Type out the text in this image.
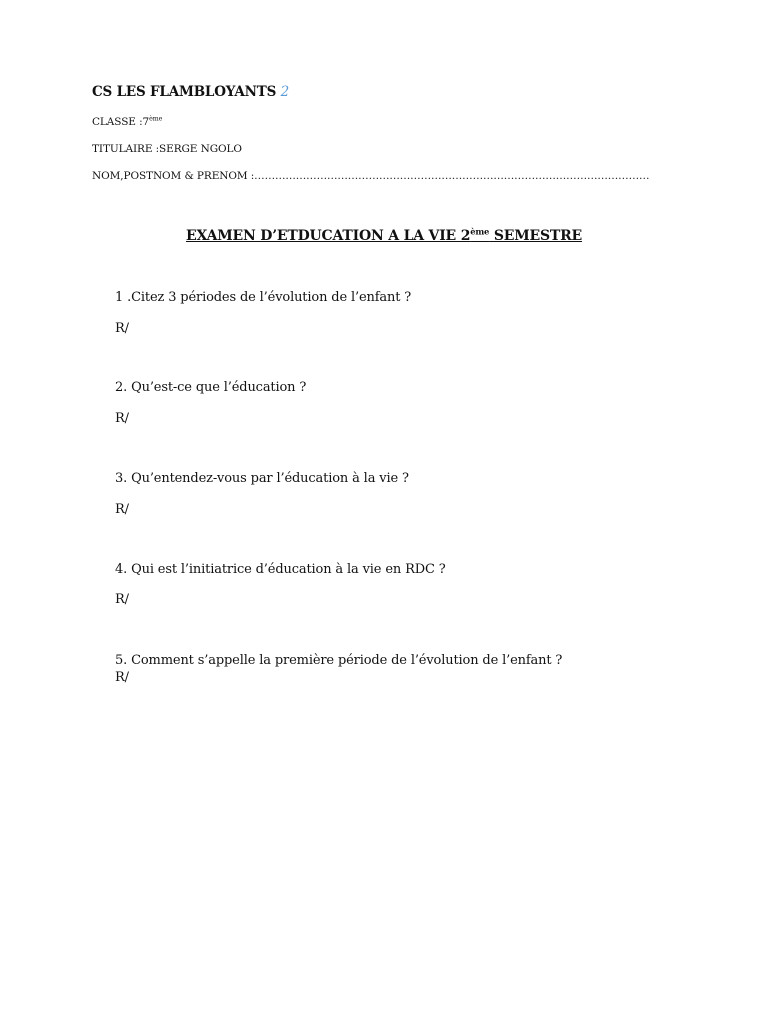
CS LES FLAMBLOYANTS 2
CLASSE :7ème
TITULAIRE :SERGE NGOLO
NOM,POSTNOM & PRENOM :……………………………………………………………………………………………………
EXAMEN D’ETDUCATION A LA VIE 2ème SEMESTRE
1 .Citez 3 périodes de l’évolution de l’enfant ?
R/
2. Qu’est-ce que l’éducation ?
R/
3. Qu’entendez-vous par l’éducation à la vie ?
R/
4. Qui est l’initiatrice d’éducation à la vie en RDC ?
R/
5. Comment s’appelle la première période de l’évolution de l’enfant ?
R/
